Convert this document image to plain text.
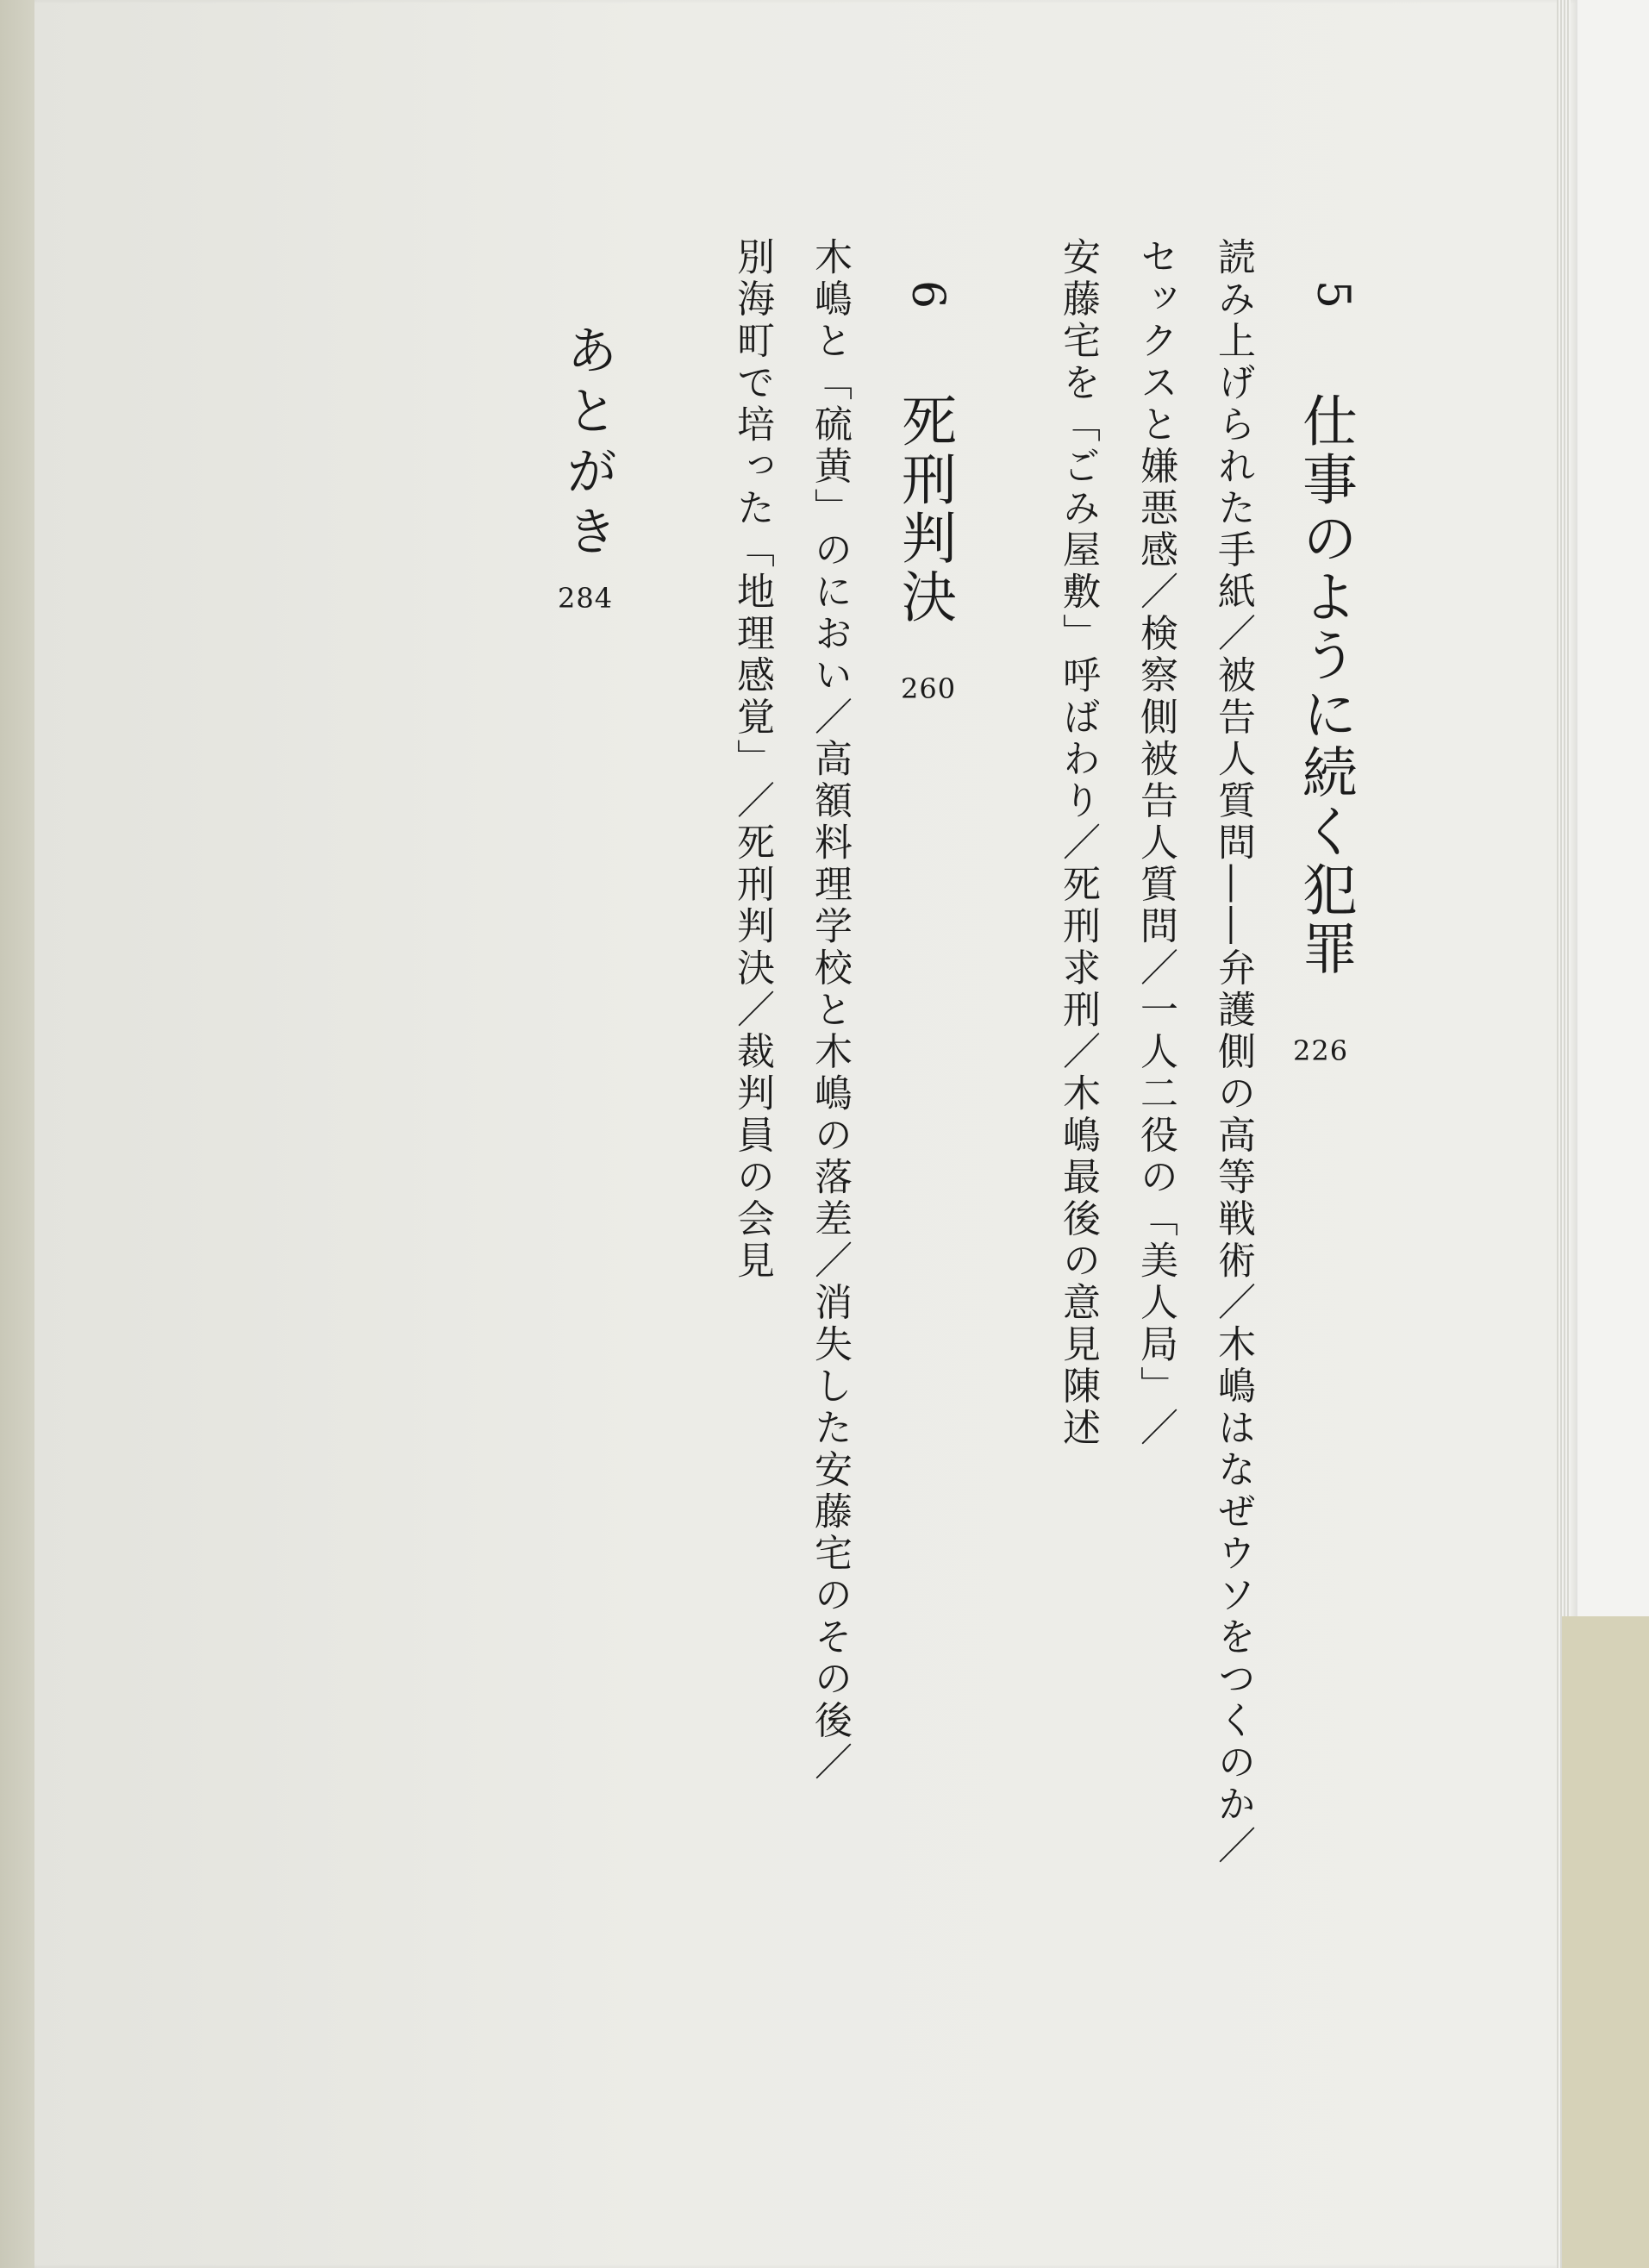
5
仕事のように続く犯罪
226
読み上げられた手紙／被告人質問――弁護側の高等戦術／木嶋はなぜウソをつくのか／
セックスと嫌悪感／検察側被告人質問／一人二役の「美人局」／
安藤宅を「ごみ屋敷」呼ばわり／死刑求刑／木嶋最後の意見陳述
6
死刑判決
260
木嶋と「硫黄」のにおい／高額料理学校と木嶋の落差／消失した安藤宅のその後／
別海町で培った「地理感覚」／死刑判決／裁判員の会見
あとがき
284
